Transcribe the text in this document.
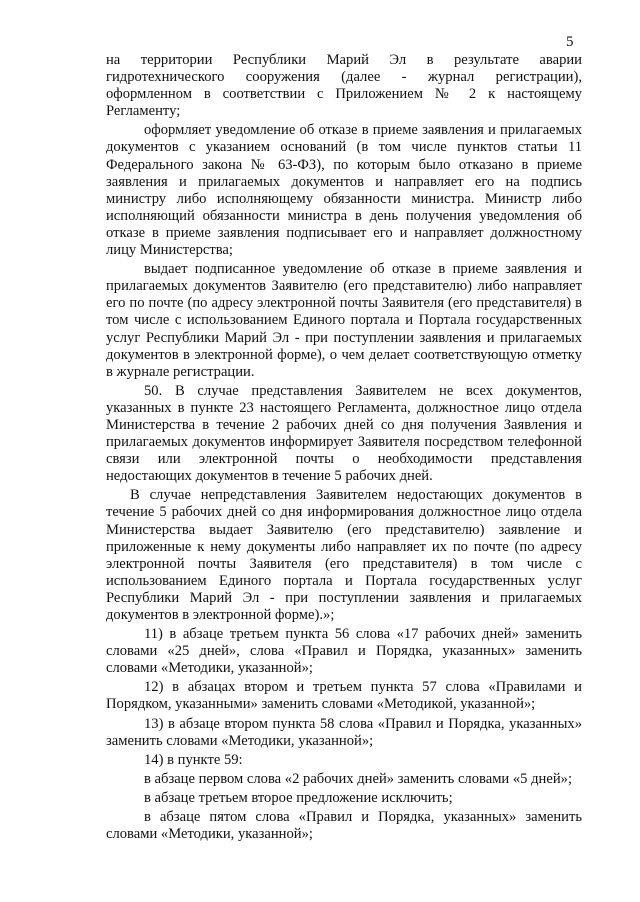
5

на территории Республики Марий Эл в результате аварии гидротехнического сооружения (далее - журнал регистрации), оформленном в соответствии с Приложением № 2 к настоящему Регламенту;

оформляет уведомление об отказе в приеме заявления и прилагаемых документов с указанием оснований (в том числе пунктов статьи 11 Федерального закона № 63-ФЗ), по которым было отказано в приеме заявления и прилагаемых документов и направляет его на подпись министру либо исполняющему обязанности министра. Министр либо исполняющий обязанности министра в день получения уведомления об отказе в приеме заявления подписывает его и направляет должностному лицу Министерства;

выдает подписанное уведомление об отказе в приеме заявления и прилагаемых документов Заявителю (его представителю) либо направляет его по почте (по адресу электронной почты Заявителя (его представителя) в том числе с использованием Единого портала и Портала государственных услуг Республики Марий Эл - при поступлении заявления и прилагаемых документов в электронной форме), о чем делает соответствующую отметку в журнале регистрации.

50. В случае представления Заявителем не всех документов, указанных в пункте 23 настоящего Регламента, должностное лицо отдела Министерства в течение 2 рабочих дней со дня получения Заявления и прилагаемых документов информирует Заявителя посредством телефонной связи или электронной почты о необходимости представления недостающих документов в течение 5 рабочих дней.

В случае непредставления Заявителем недостающих документов в течение 5 рабочих дней со дня информирования должностное лицо отдела Министерства выдает Заявителю (его представителю) заявление и приложенные к нему документы либо направляет их по почте (по адресу электронной почты Заявителя (его представителя) в том числе с использованием Единого портала и Портала государственных услуг Республики Марий Эл - при поступлении заявления и прилагаемых документов в электронной форме).»;

11) в абзаце третьем пункта 56 слова «17 рабочих дней» заменить словами «25 дней», слова «Правил и Порядка, указанных» заменить словами «Методики, указанной»;

12) в абзацах втором и третьем пункта 57 слова «Правилами и Порядком, указанными» заменить словами «Методикой, указанной»;

13) в абзаце втором пункта 58 слова «Правил и Порядка, указанных» заменить словами «Методики, указанной»;

14) в пункте 59:

в абзаце первом слова «2 рабочих дней» заменить словами «5 дней»;

в абзаце третьем второе предложение исключить;

в абзаце пятом слова «Правил и Порядка, указанных» заменить словами «Методики, указанной»;
